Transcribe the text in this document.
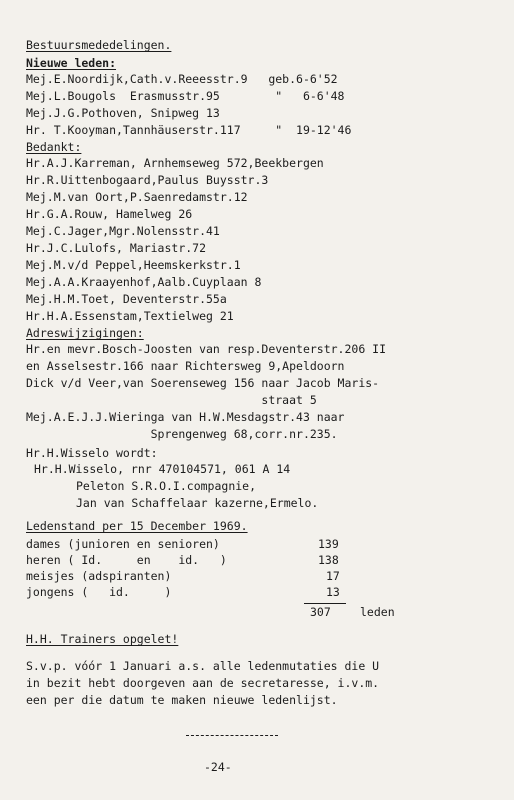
Bestuursmededelingen.
Nieuwe leden:
Mej.E.Noordijk,Cath.v.Reeesstr.9   geb.6-6'52
Mej.L.Bougols  Erasmusstr.95        "   6-6'48
Mej.J.G.Pothoven, Snipweg 13
Hr. T.Kooyman,Tannhäuserstr.117     "  19-12'46
Bedankt:
Hr.A.J.Karreman, Arnhemseweg 572,Beekbergen
Hr.R.Uittenbogaard,Paulus Buysstr.3
Mej.M.van Oort,P.Saenredamstr.12
Hr.G.A.Rouw, Hamelweg 26
Mej.C.Jager,Mgr.Nolensstr.41
Hr.J.C.Lulofs, Mariastr.72
Mej.M.v/d Peppel,Heemskerkstr.1
Mej.A.A.Kraayenhof,Aalb.Cuyplaan 8
Mej.H.M.Toet, Deventerstr.55a
Hr.H.A.Essenstam,Textielweg 21
Adreswijzigingen:
Hr.en mevr.Bosch-Joosten van resp.Deventerstr.206 II
en Asselsestr.166 naar Richtersweg 9,Apeldoorn
Dick v/d Veer,van Soerenseweg 156 naar Jacob Maris-
straat 5
Mej.A.E.J.J.Wieringa van H.W.Mesdagstr.43 naar
Sprengenweg 68,corr.nr.235.
Hr.H.Wisselo wordt:
Hr.H.Wisselo, rnr 470104571, 061 A 14
Peleton S.R.O.I.compagnie,
Jan van Schaffelaar kazerne,Ermelo.
Ledenstand per 15 December 1969.
dames (junioren en senioren)	139
heren ( Id.     en    id.   )	138
meisjes (adspiranten)	17
jongens (   id.     )	13
307	leden
H.H. Trainers opgelet!
S.v.p. vóór 1 Januari a.s. alle ledenmutaties die U
in bezit hebt doorgeven aan de secretaresse, i.v.m.
een per die datum te maken nieuwe ledenlijst.
-24-
